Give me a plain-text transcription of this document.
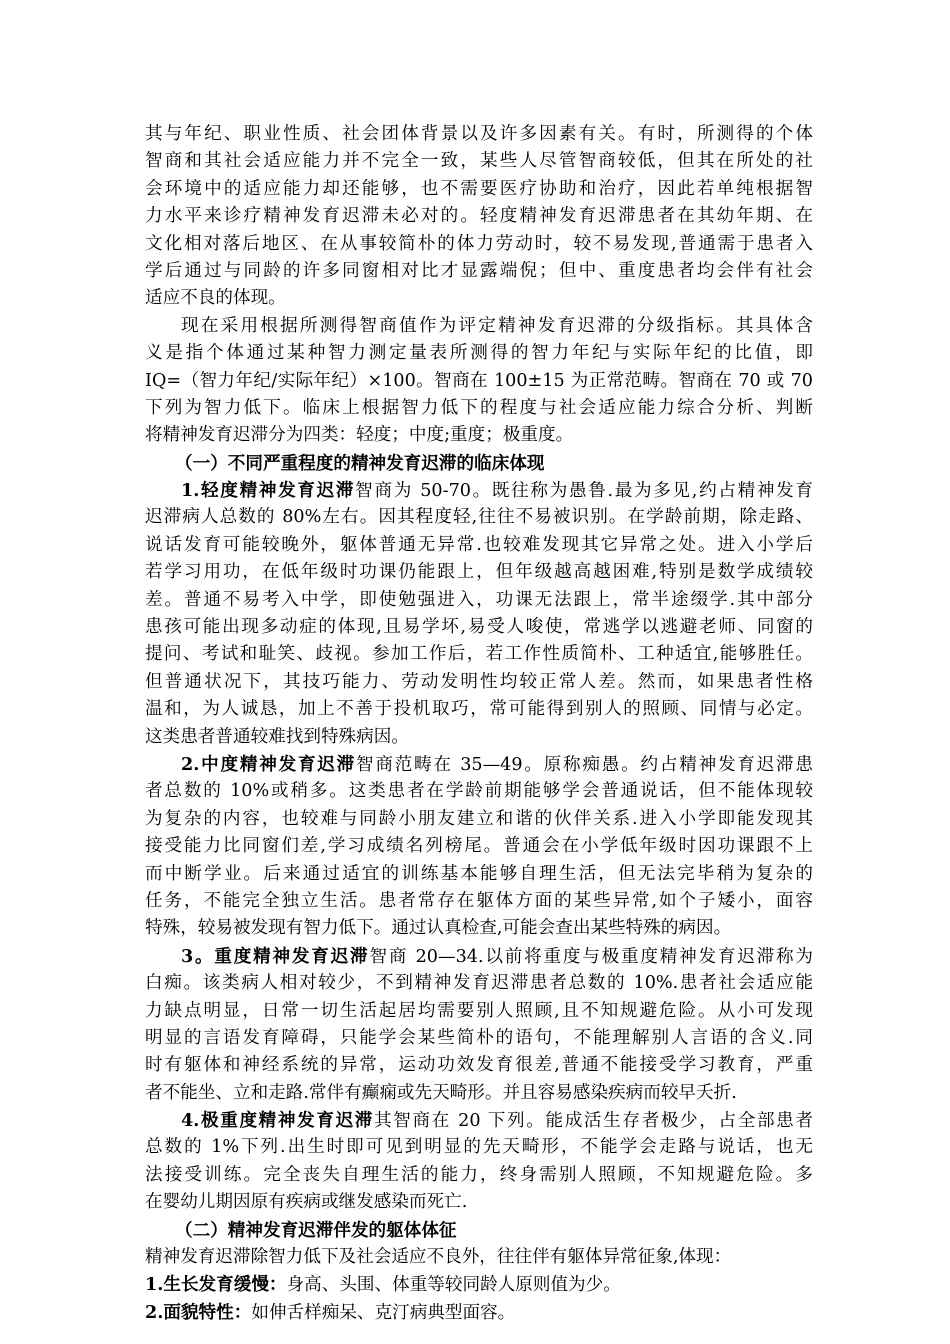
其与年纪、职业性质、社会团体背景以及许多因素有关。有时，所测得的个体
智商和其社会适应能力并不完全一致，某些人尽管智商较低，但其在所处的社
会环境中的适应能力却还能够，也不需要医疗协助和治疗，因此若单纯根据智
力水平来诊疗精神发育迟滞未必对的。轻度精神发育迟滞患者在其幼年期、在
文化相对落后地区、在从事较简朴的体力劳动时，较不易发现,普通需于患者入
学后通过与同龄的许多同窗相对比才显露端倪；但中、重度患者均会伴有社会
适应不良的体现。
现在采用根据所测得智商值作为评定精神发育迟滞的分级指标。其具体含
义是指个体通过某种智力测定量表所测得的智力年纪与实际年纪的比值，即
IQ=（智力年纪/实际年纪）×100。智商在 100±15 为正常范畴。智商在 70 或 70
下列为智力低下。临床上根据智力低下的程度与社会适应能力综合分析、判断
将精神发育迟滞分为四类：轻度；中度;重度；极重度。
（一）不同严重程度的精神发育迟滞的临床体现
1.轻度精神发育迟滞智商为 50-70。既往称为愚鲁.最为多见,约占精神发育
迟滞病人总数的 80%左右。因其程度轻,往往不易被识别。在学龄前期，除走路、
说话发育可能较晚外，躯体普通无异常.也较难发现其它异常之处。进入小学后
若学习用功，在低年级时功课仍能跟上，但年级越高越困难,特别是数学成绩较
差。普通不易考入中学，即使勉强进入，功课无法跟上，常半途缀学.其中部分
患孩可能出现多动症的体现,且易学坏,易受人唆使，常逃学以逃避老师、同窗的
提问、考试和耻笑、歧视。参加工作后，若工作性质简朴、工种适宜,能够胜任。
但普通状况下，其技巧能力、劳动发明性均较正常人差。然而，如果患者性格
温和，为人诚恳，加上不善于投机取巧，常可能得到别人的照顾、同情与必定。
这类患者普通较难找到特殊病因。
2.中度精神发育迟滞智商范畴在 35—49。原称痴愚。约占精神发育迟滞患
者总数的 10%或稍多。这类患者在学龄前期能够学会普通说话，但不能体现较
为复杂的内容，也较难与同龄小朋友建立和谐的伙伴关系.进入小学即能发现其
接受能力比同窗们差,学习成绩名列榜尾。普通会在小学低年级时因功课跟不上
而中断学业。后来通过适宜的训练基本能够自理生活，但无法完毕稍为复杂的
任务，不能完全独立生活。患者常存在躯体方面的某些异常,如个子矮小，面容
特殊，较易被发现有智力低下。通过认真检查,可能会查出某些特殊的病因。
3。重度精神发育迟滞智商 20—34.以前将重度与极重度精神发育迟滞称为
白痴。该类病人相对较少，不到精神发育迟滞患者总数的 10%.患者社会适应能
力缺点明显，日常一切生活起居均需要别人照顾,且不知规避危险。从小可发现
明显的言语发育障碍，只能学会某些简朴的语句，不能理解别人言语的含义.同
时有躯体和神经系统的异常，运动功效发育很差,普通不能接受学习教育，严重
者不能坐、立和走路.常伴有癫痫或先天畸形。并且容易感染疾病而较早夭折.
4.极重度精神发育迟滞其智商在 20 下列。能成活生存者极少，占全部患者
总数的 1%下列.出生时即可见到明显的先天畸形，不能学会走路与说话，也无
法接受训练。完全丧失自理生活的能力，终身需别人照顾，不知规避危险。多
在婴幼儿期因原有疾病或继发感染而死亡.
（二）精神发育迟滞伴发的躯体体征
精神发育迟滞除智力低下及社会适应不良外，往往伴有躯体异常征象,体现：
1.生长发育缓慢：身高、头围、体重等较同龄人原则值为少。
2.面貌特性：如伸舌样痴呆、克汀病典型面容。
